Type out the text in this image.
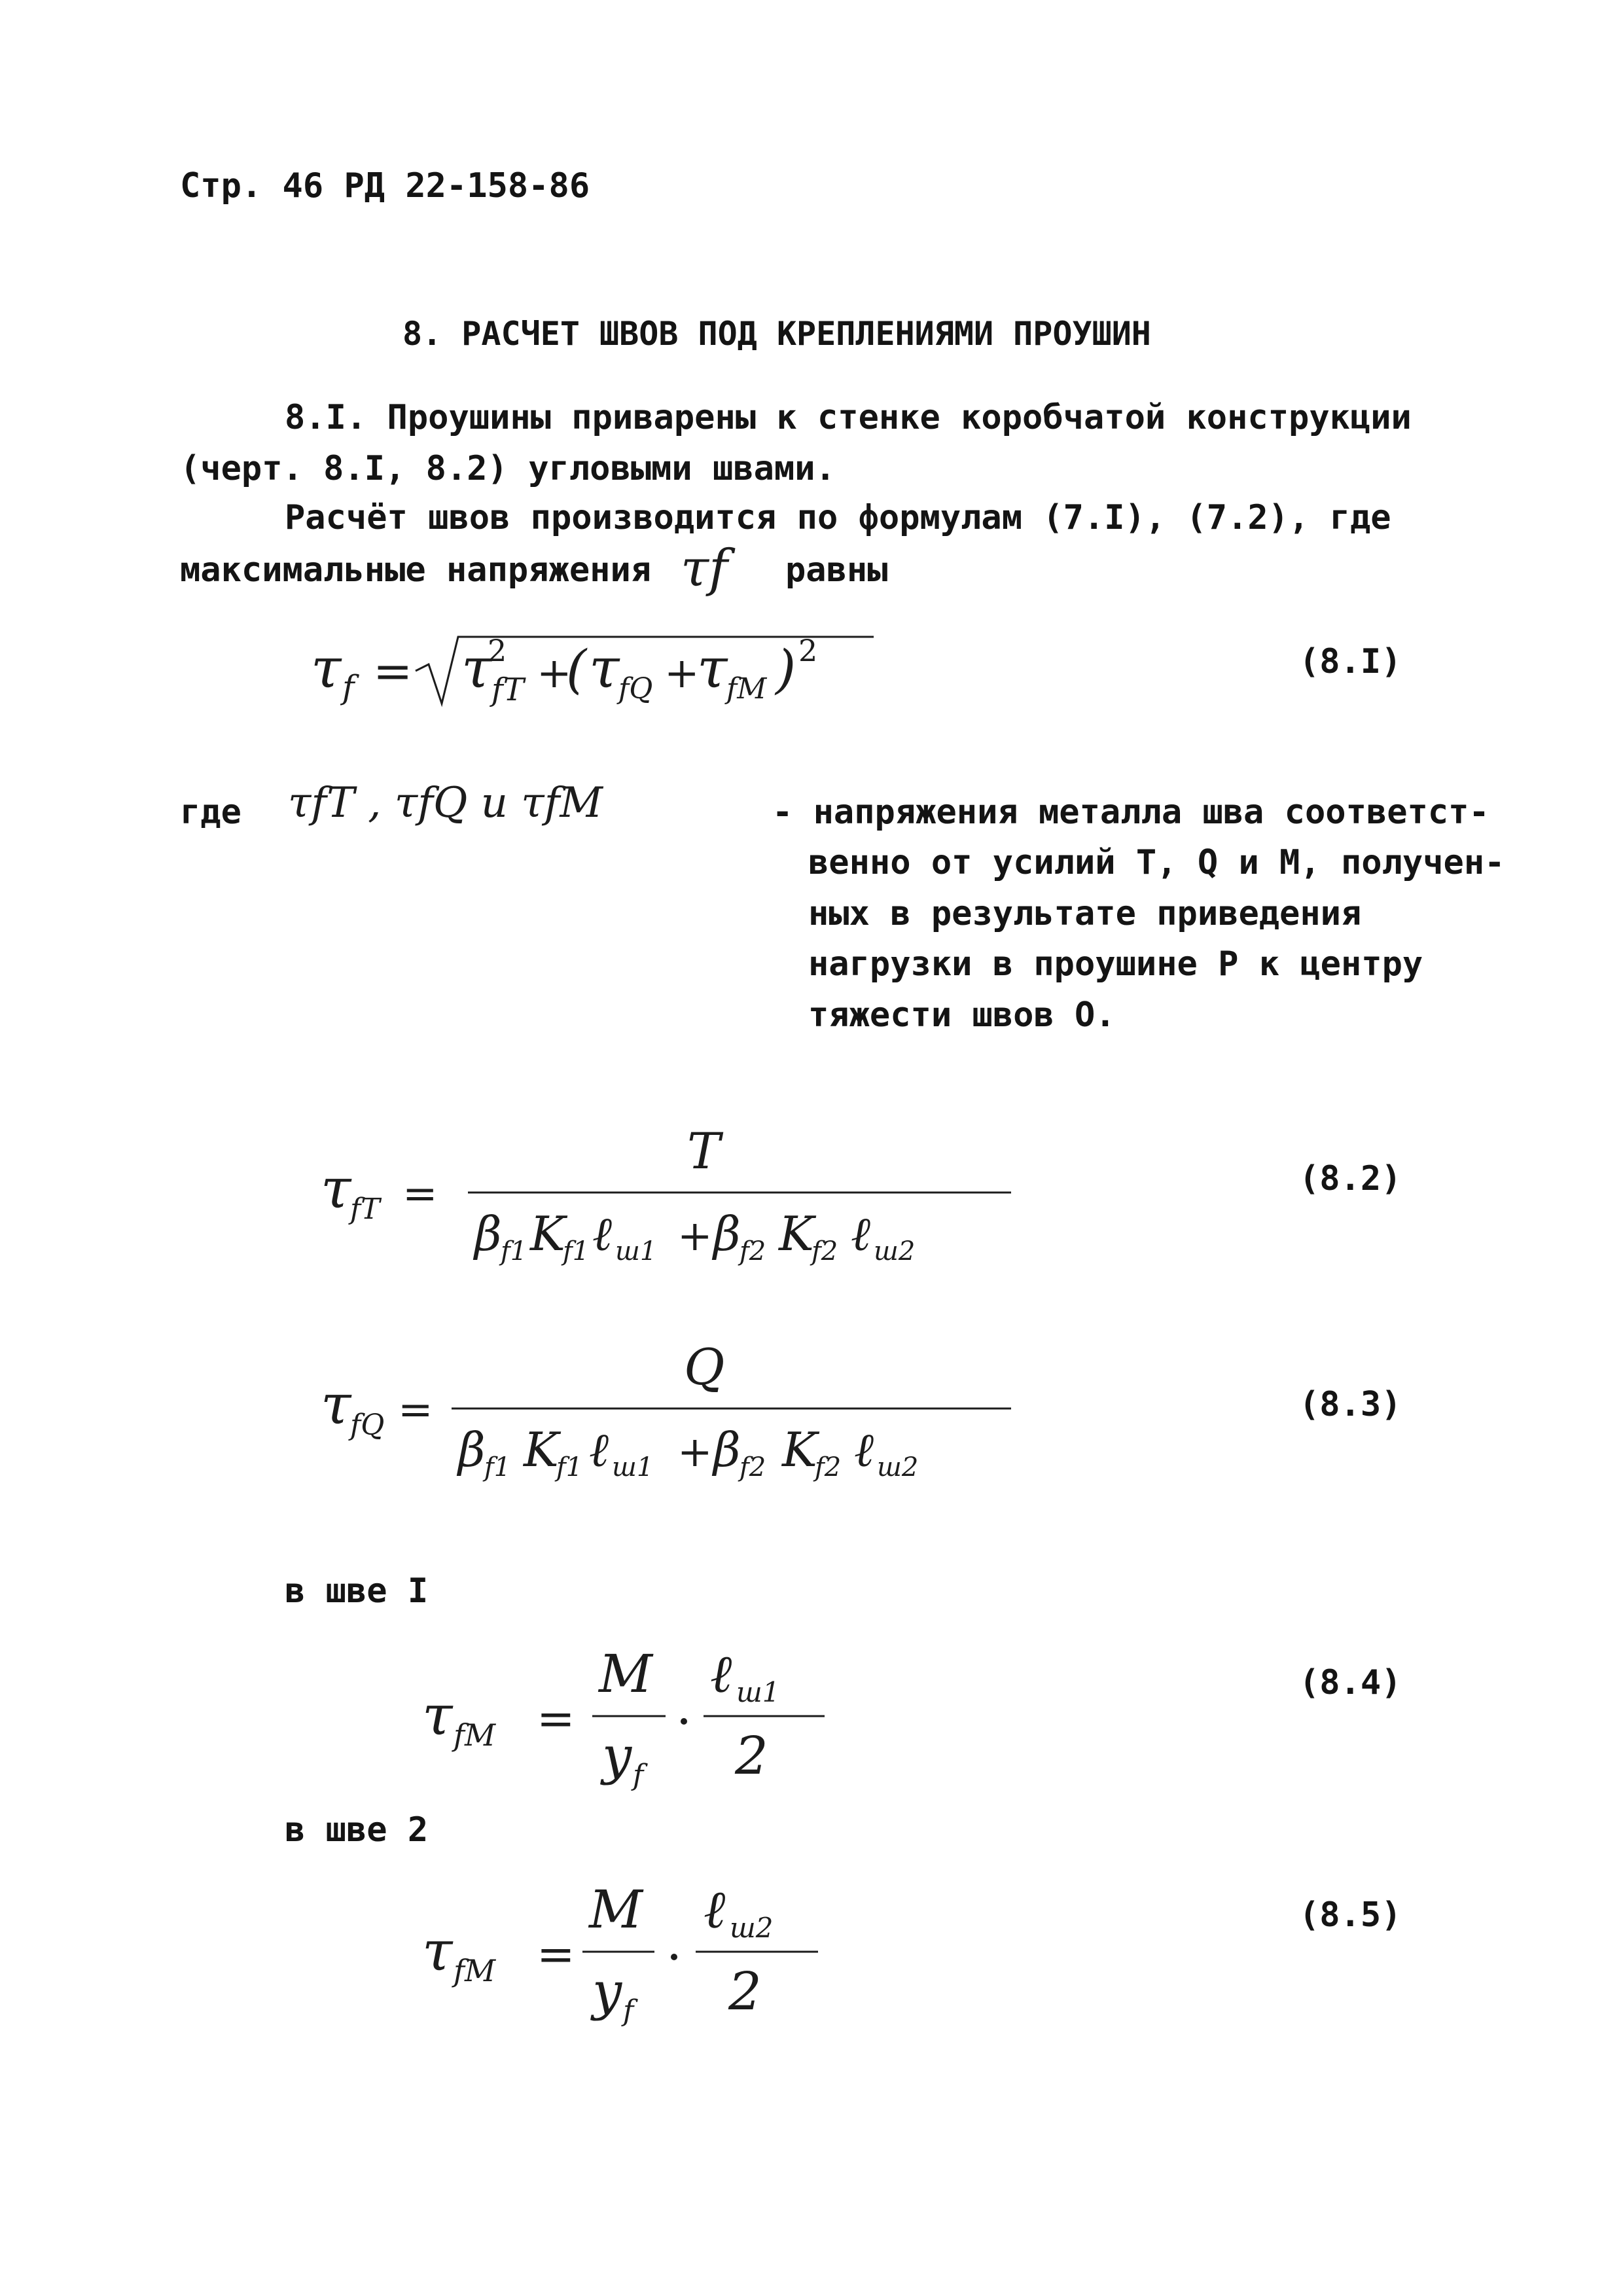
Стр. 46 РД 22-158-86
8. РАСЧЕТ ШВОВ ПОД КРЕПЛЕНИЯМИ ПРОУШИН
8.I. Проушины приварены к стенке коробчатой конструкции
(черт. 8.I, 8.2) угловыми швами.
Расчёт швов производится по формулам (7.I), (7.2), где
максимальные напряжения τf равны
τ f = τ
2
fT +
( τ
fQ +
τ
fM ) 2	(8.I)
где τfT , τfQ и τfM	- напряжения металла шва соответст-
венно от усилий Т, Q и М, получен-
ных в результате приведения
нагрузки в проушине Р к центру
тяжести швов О.
τ
fT =
T
β
f1 K
f1 ℓ ш1 + β
f2 K
f2 ℓ ш2
(8.2)
τ
fQ =
Q
β
f1 K
f1 ℓ ш1 + β
f2 K
f2 ℓ ш2
(8.3)
в шве I
τ fM =
M
y f
ℓ ш1
2
(8.4)
в шве 2
τ fM =
M
y f
ℓ ш2
2
(8.5)
